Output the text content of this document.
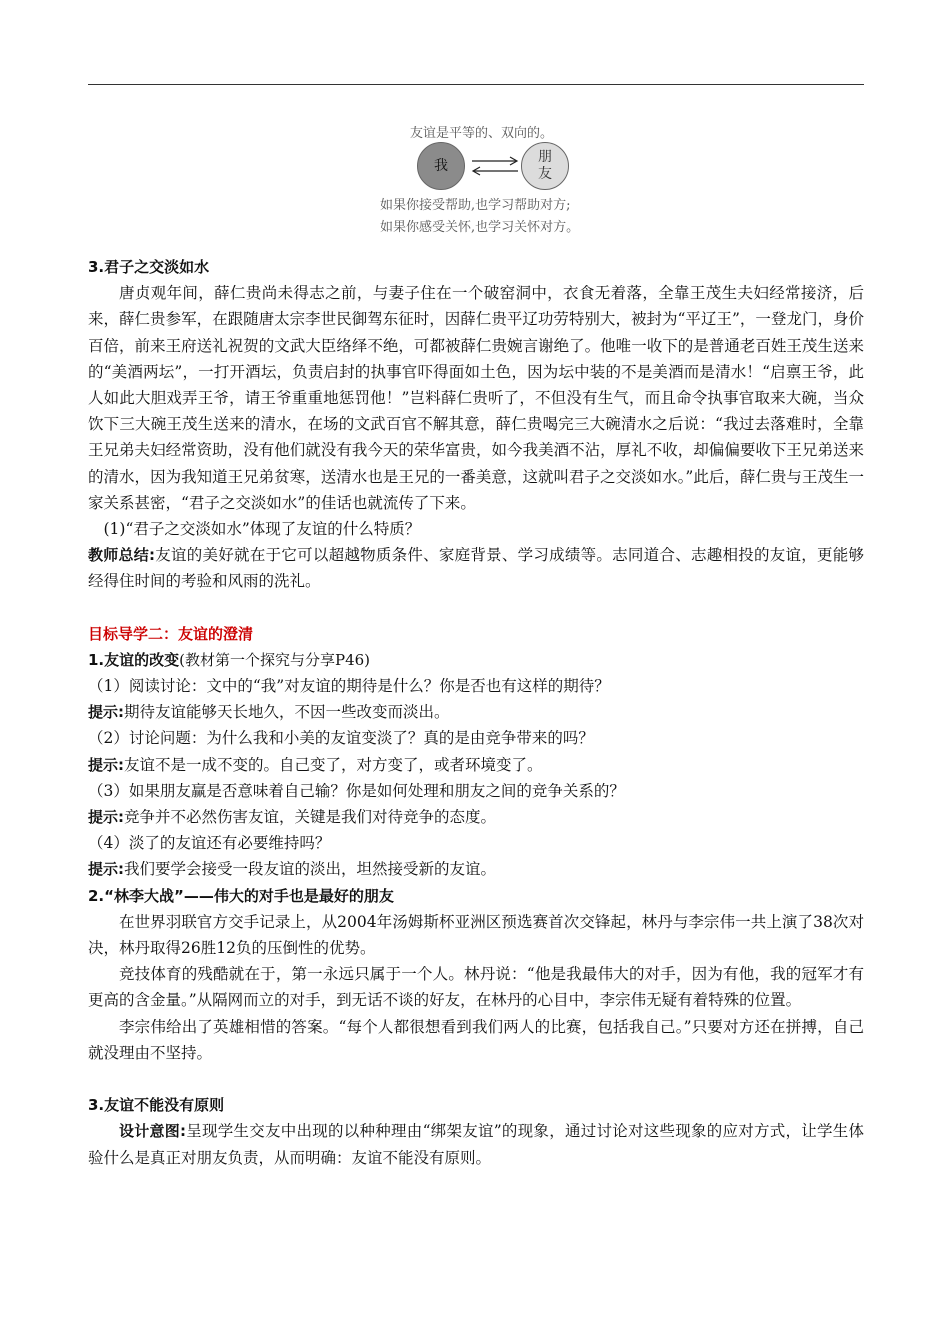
友谊是平等的、双向的。
我
朋友
如果你接受帮助,也学习帮助对方;
如果你感受关怀,也学习关怀对方。

3.君子之交淡如水

唐贞观年间，薛仁贵尚未得志之前，与妻子住在一个破窑洞中，衣食无着落，全靠王茂生夫妇经常接济，后来，薛仁贵参军，在跟随唐太宗李世民御驾东征时，因薛仁贵平辽功劳特别大，被封为“平辽王”，一登龙门，身价百倍，前来王府送礼祝贺的文武大臣络绎不绝，可都被薛仁贵婉言谢绝了。他唯一收下的是普通老百姓王茂生送来的“美酒两坛”，一打开酒坛，负责启封的执事官吓得面如土色，因为坛中装的不是美酒而是清水！“启禀王爷，此人如此大胆戏弄王爷，请王爷重重地惩罚他！”岂料薛仁贵听了，不但没有生气，而且命令执事官取来大碗，当众饮下三大碗王茂生送来的清水，在场的文武百官不解其意，薛仁贵喝完三大碗清水之后说：“我过去落难时，全靠王兄弟夫妇经常资助，没有他们就没有我今天的荣华富贵，如今我美酒不沾，厚礼不收，却偏偏要收下王兄弟送来的清水，因为我知道王兄弟贫寒，送清水也是王兄的一番美意，这就叫君子之交淡如水。”此后，薛仁贵与王茂生一家关系甚密，“君子之交淡如水”的佳话也就流传了下来。

(1)“君子之交淡如水”体现了友谊的什么特质？

教师总结:友谊的美好就在于它可以超越物质条件、家庭背景、学习成绩等。志同道合、志趣相投的友谊，更能够经得住时间的考验和风雨的洗礼。

目标导学二：友谊的澄清

1.友谊的改变(教材第一个探究与分享P46)

（1）阅读讨论：文中的“我”对友谊的期待是什么？你是否也有这样的期待？

提示:期待友谊能够天长地久，不因一些改变而淡出。

（2）讨论问题：为什么我和小美的友谊变淡了？真的是由竞争带来的吗？

提示:友谊不是一成不变的。自己变了，对方变了，或者环境变了。

（3）如果朋友赢是否意味着自己输？你是如何处理和朋友之间的竞争关系的？

提示:竞争并不必然伤害友谊，关键是我们对待竞争的态度。

（4）淡了的友谊还有必要维持吗？

提示:我们要学会接受一段友谊的淡出，坦然接受新的友谊。

2.“林李大战”——伟大的对手也是最好的朋友

在世界羽联官方交手记录上，从2004年汤姆斯杯亚洲区预选赛首次交锋起，林丹与李宗伟一共上演了38次对决，林丹取得26胜12负的压倒性的优势。

竞技体育的残酷就在于，第一永远只属于一个人。林丹说：“他是我最伟大的对手，因为有他，我的冠军才有更高的含金量。”从隔网而立的对手，到无话不谈的好友，在林丹的心目中，李宗伟无疑有着特殊的位置。

李宗伟给出了英雄相惜的答案。“每个人都很想看到我们两人的比赛，包括我自己。”只要对方还在拼搏，自己就没理由不坚持。

3.友谊不能没有原则

设计意图:呈现学生交友中出现的以种种理由“绑架友谊”的现象，通过讨论对这些现象的应对方式，让学生体验什么是真正对朋友负责，从而明确：友谊不能没有原则。
